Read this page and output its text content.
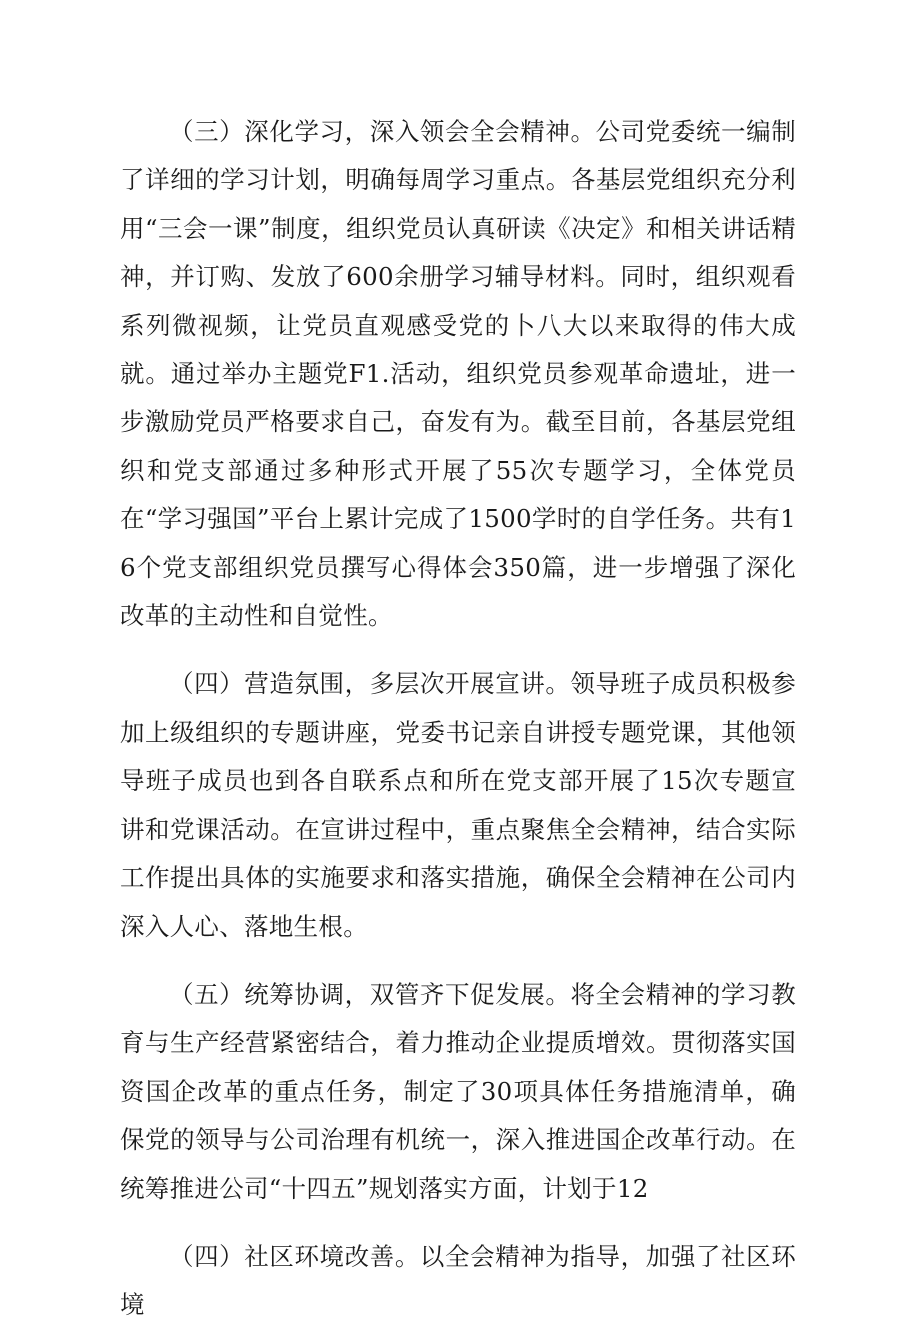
（三）深化学习，深入领会全会精神。公司党委统一编制了详细的学习计划，明确每周学习重点。各基层党组织充分利用“三会一课”制度，组织党员认真研读《决定》和相关讲话精神，并订购、发放了600余册学习辅导材料。同时，组织观看系列微视频，让党员直观感受党的卜八大以来取得的伟大成就。通过举办主题党F1.活动，组织党员参观革命遗址，进一步激励党员严格要求自己，奋发有为。截至目前，各基层党组织和党支部通过多种形式开展了55次专题学习，全体党员在“学习强国”平台上累计完成了1500学时的自学任务。共有16个党支部组织党员撰写心得体会350篇，进一步增强了深化改革的主动性和自觉性。

（四）营造氛围，多层次开展宣讲。领导班子成员积极参加上级组织的专题讲座，党委书记亲自讲授专题党课，其他领导班子成员也到各自联系点和所在党支部开展了15次专题宣讲和党课活动。在宣讲过程中，重点聚焦全会精神，结合实际工作提出具体的实施要求和落实措施，确保全会精神在公司内深入人心、落地生根。

（五）统筹协调，双管齐下促发展。将全会精神的学习教育与生产经营紧密结合，着力推动企业提质增效。贯彻落实国资国企改革的重点任务，制定了30项具体任务措施清单，确保党的领导与公司治理有机统一，深入推进国企改革行动。在统筹推进公司“十四五”规划落实方面，计划于12

（四）社区环境改善。以全会精神为指导，加强了社区环境
